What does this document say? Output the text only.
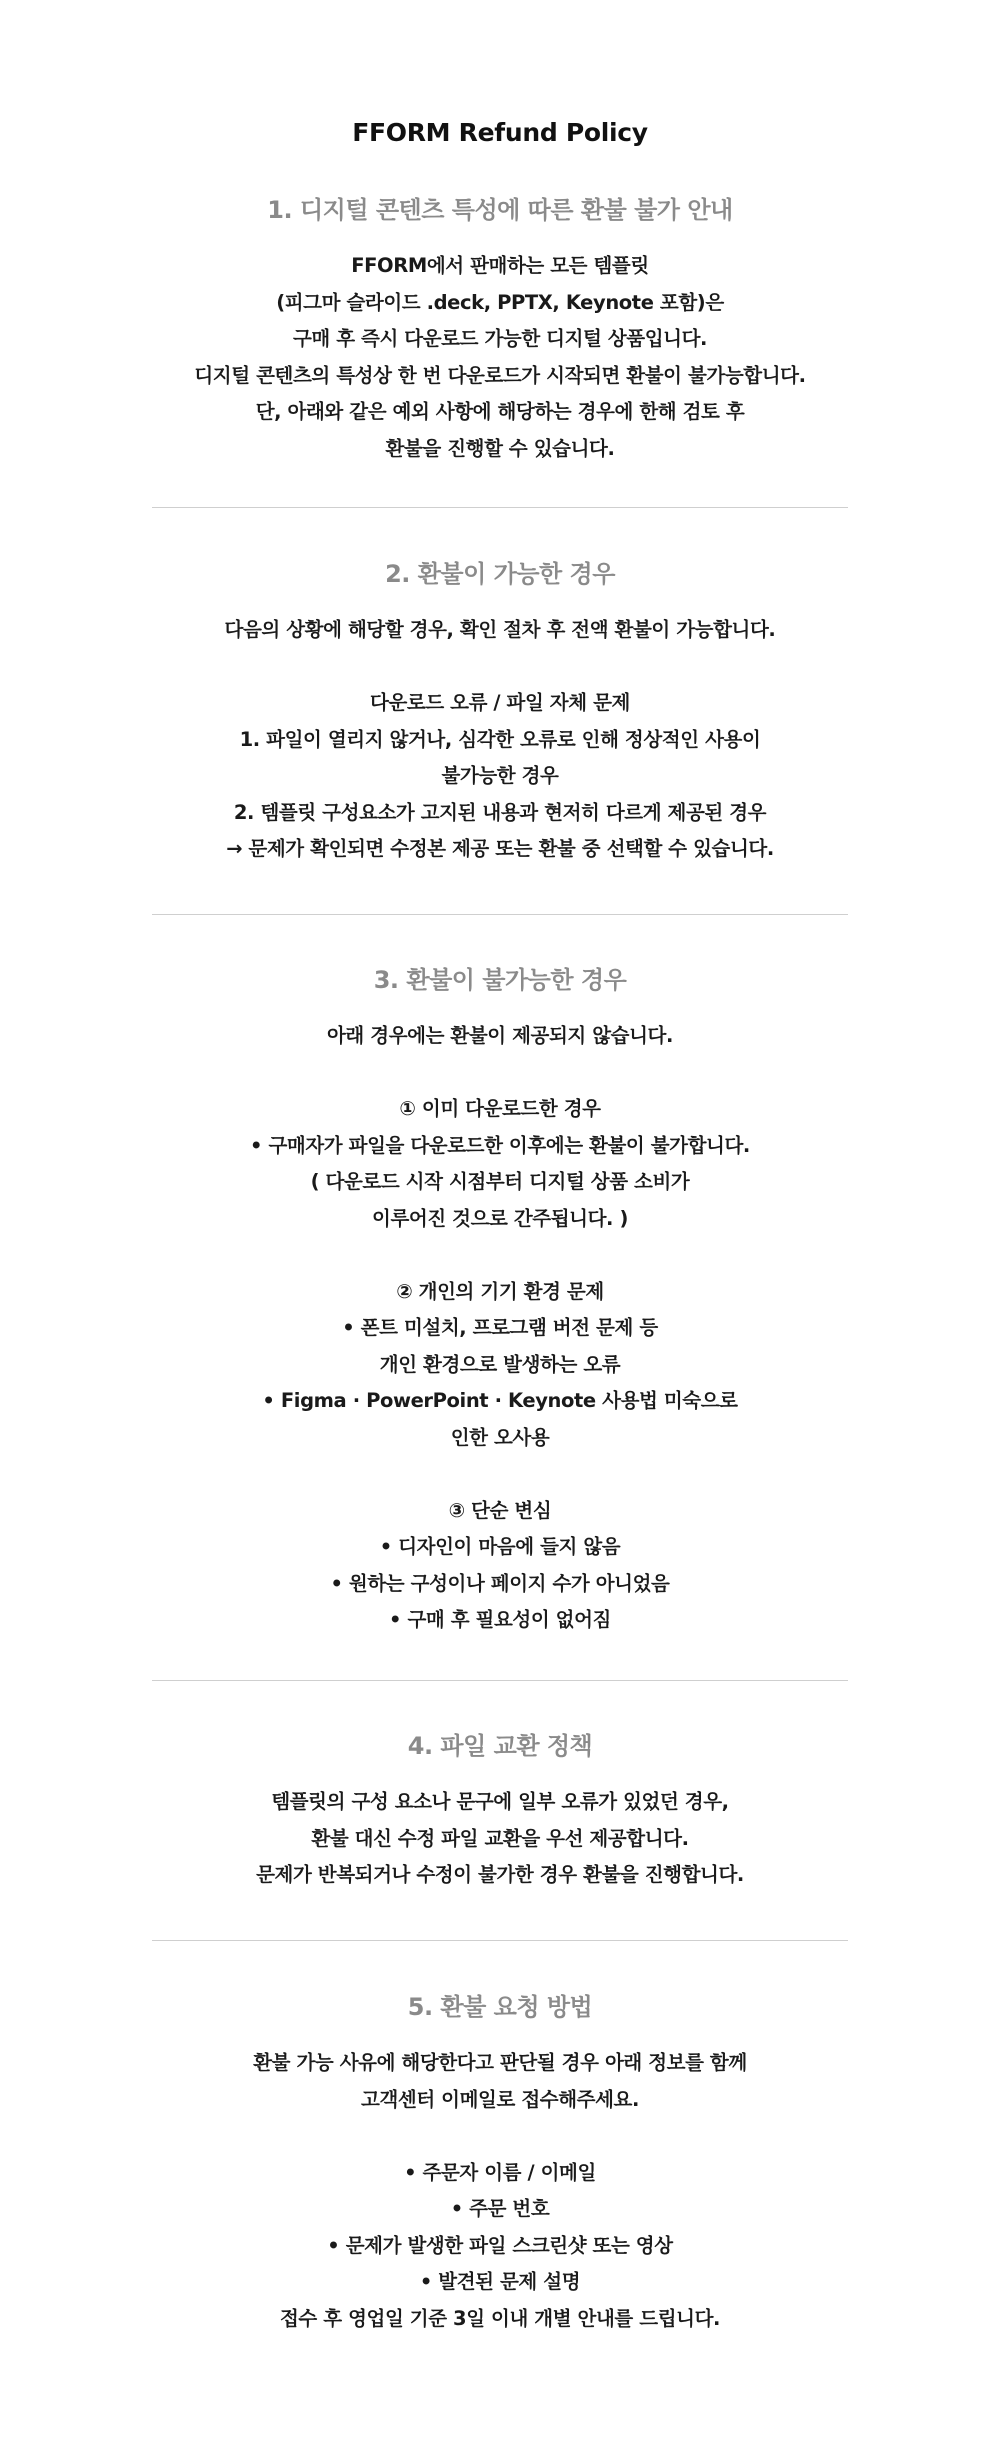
FFORM Refund Policy
1. 디지털 콘텐츠 특성에 따른 환불 불가 안내
FFORM에서 판매하는 모든 템플릿
(피그마 슬라이드 .deck, PPTX, Keynote 포함)은
구매 후 즉시 다운로드 가능한 디지털 상품입니다.
디지털 콘텐츠의 특성상 한 번 다운로드가 시작되면 환불이 불가능합니다.
단, 아래와 같은 예외 사항에 해당하는 경우에 한해 검토 후
환불을 진행할 수 있습니다.
2. 환불이 가능한 경우
다음의 상황에 해당할 경우, 확인 절차 후 전액 환불이 가능합니다.
다운로드 오류 / 파일 자체 문제
1. 파일이 열리지 않거나, 심각한 오류로 인해 정상적인 사용이
불가능한 경우
2. 템플릿 구성요소가 고지된 내용과 현저히 다르게 제공된 경우
→ 문제가 확인되면 수정본 제공 또는 환불 중 선택할 수 있습니다.
3. 환불이 불가능한 경우
아래 경우에는 환불이 제공되지 않습니다.
① 이미 다운로드한 경우
• 구매자가 파일을 다운로드한 이후에는 환불이 불가합니다.
( 다운로드 시작 시점부터 디지털 상품 소비가
이루어진 것으로 간주됩니다. )
② 개인의 기기 환경 문제
• 폰트 미설치, 프로그램 버전 문제 등
개인 환경으로 발생하는 오류
• Figma · PowerPoint · Keynote 사용법 미숙으로
인한 오사용
③ 단순 변심
• 디자인이 마음에 들지 않음
• 원하는 구성이나 페이지 수가 아니었음
• 구매 후 필요성이 없어짐
4. 파일 교환 정책
템플릿의 구성 요소나 문구에 일부 오류가 있었던 경우,
환불 대신 수정 파일 교환을 우선 제공합니다.
문제가 반복되거나 수정이 불가한 경우 환불을 진행합니다.
5. 환불 요청 방법
환불 가능 사유에 해당한다고 판단될 경우 아래 정보를 함께
고객센터 이메일로 접수해주세요.
• 주문자 이름 / 이메일
• 주문 번호
• 문제가 발생한 파일 스크린샷 또는 영상
• 발견된 문제 설명
접수 후 영업일 기준 3일 이내 개별 안내를 드립니다.
